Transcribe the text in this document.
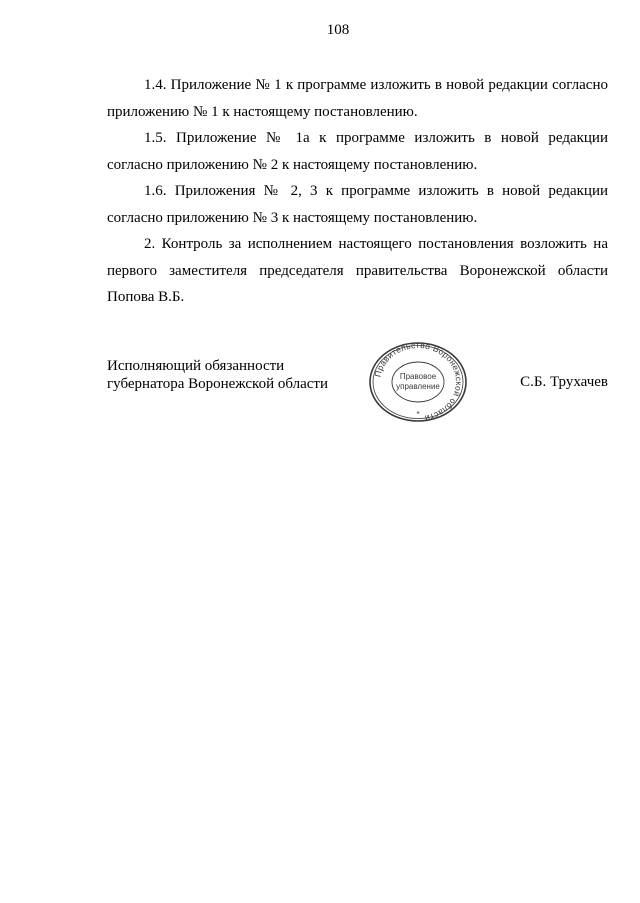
108

1.4. Приложение № 1 к программе изложить в новой редакции согласно приложению № 1 к настоящему постановлению.

1.5. Приложение № 1а к программе изложить в новой редакции согласно приложению № 2 к настоящему постановлению.

1.6. Приложения № 2, 3 к программе изложить в новой редакции согласно приложению № 3 к настоящему постановлению.

2. Контроль за исполнением настоящего постановления возложить на первого заместителя председателя правительства Воронежской области Попова В.Б.

Исполняющий обязанности
губернатора Воронежской области
Правительство Воронежской области
Правовое
управление
*
С.Б. Трухачев
